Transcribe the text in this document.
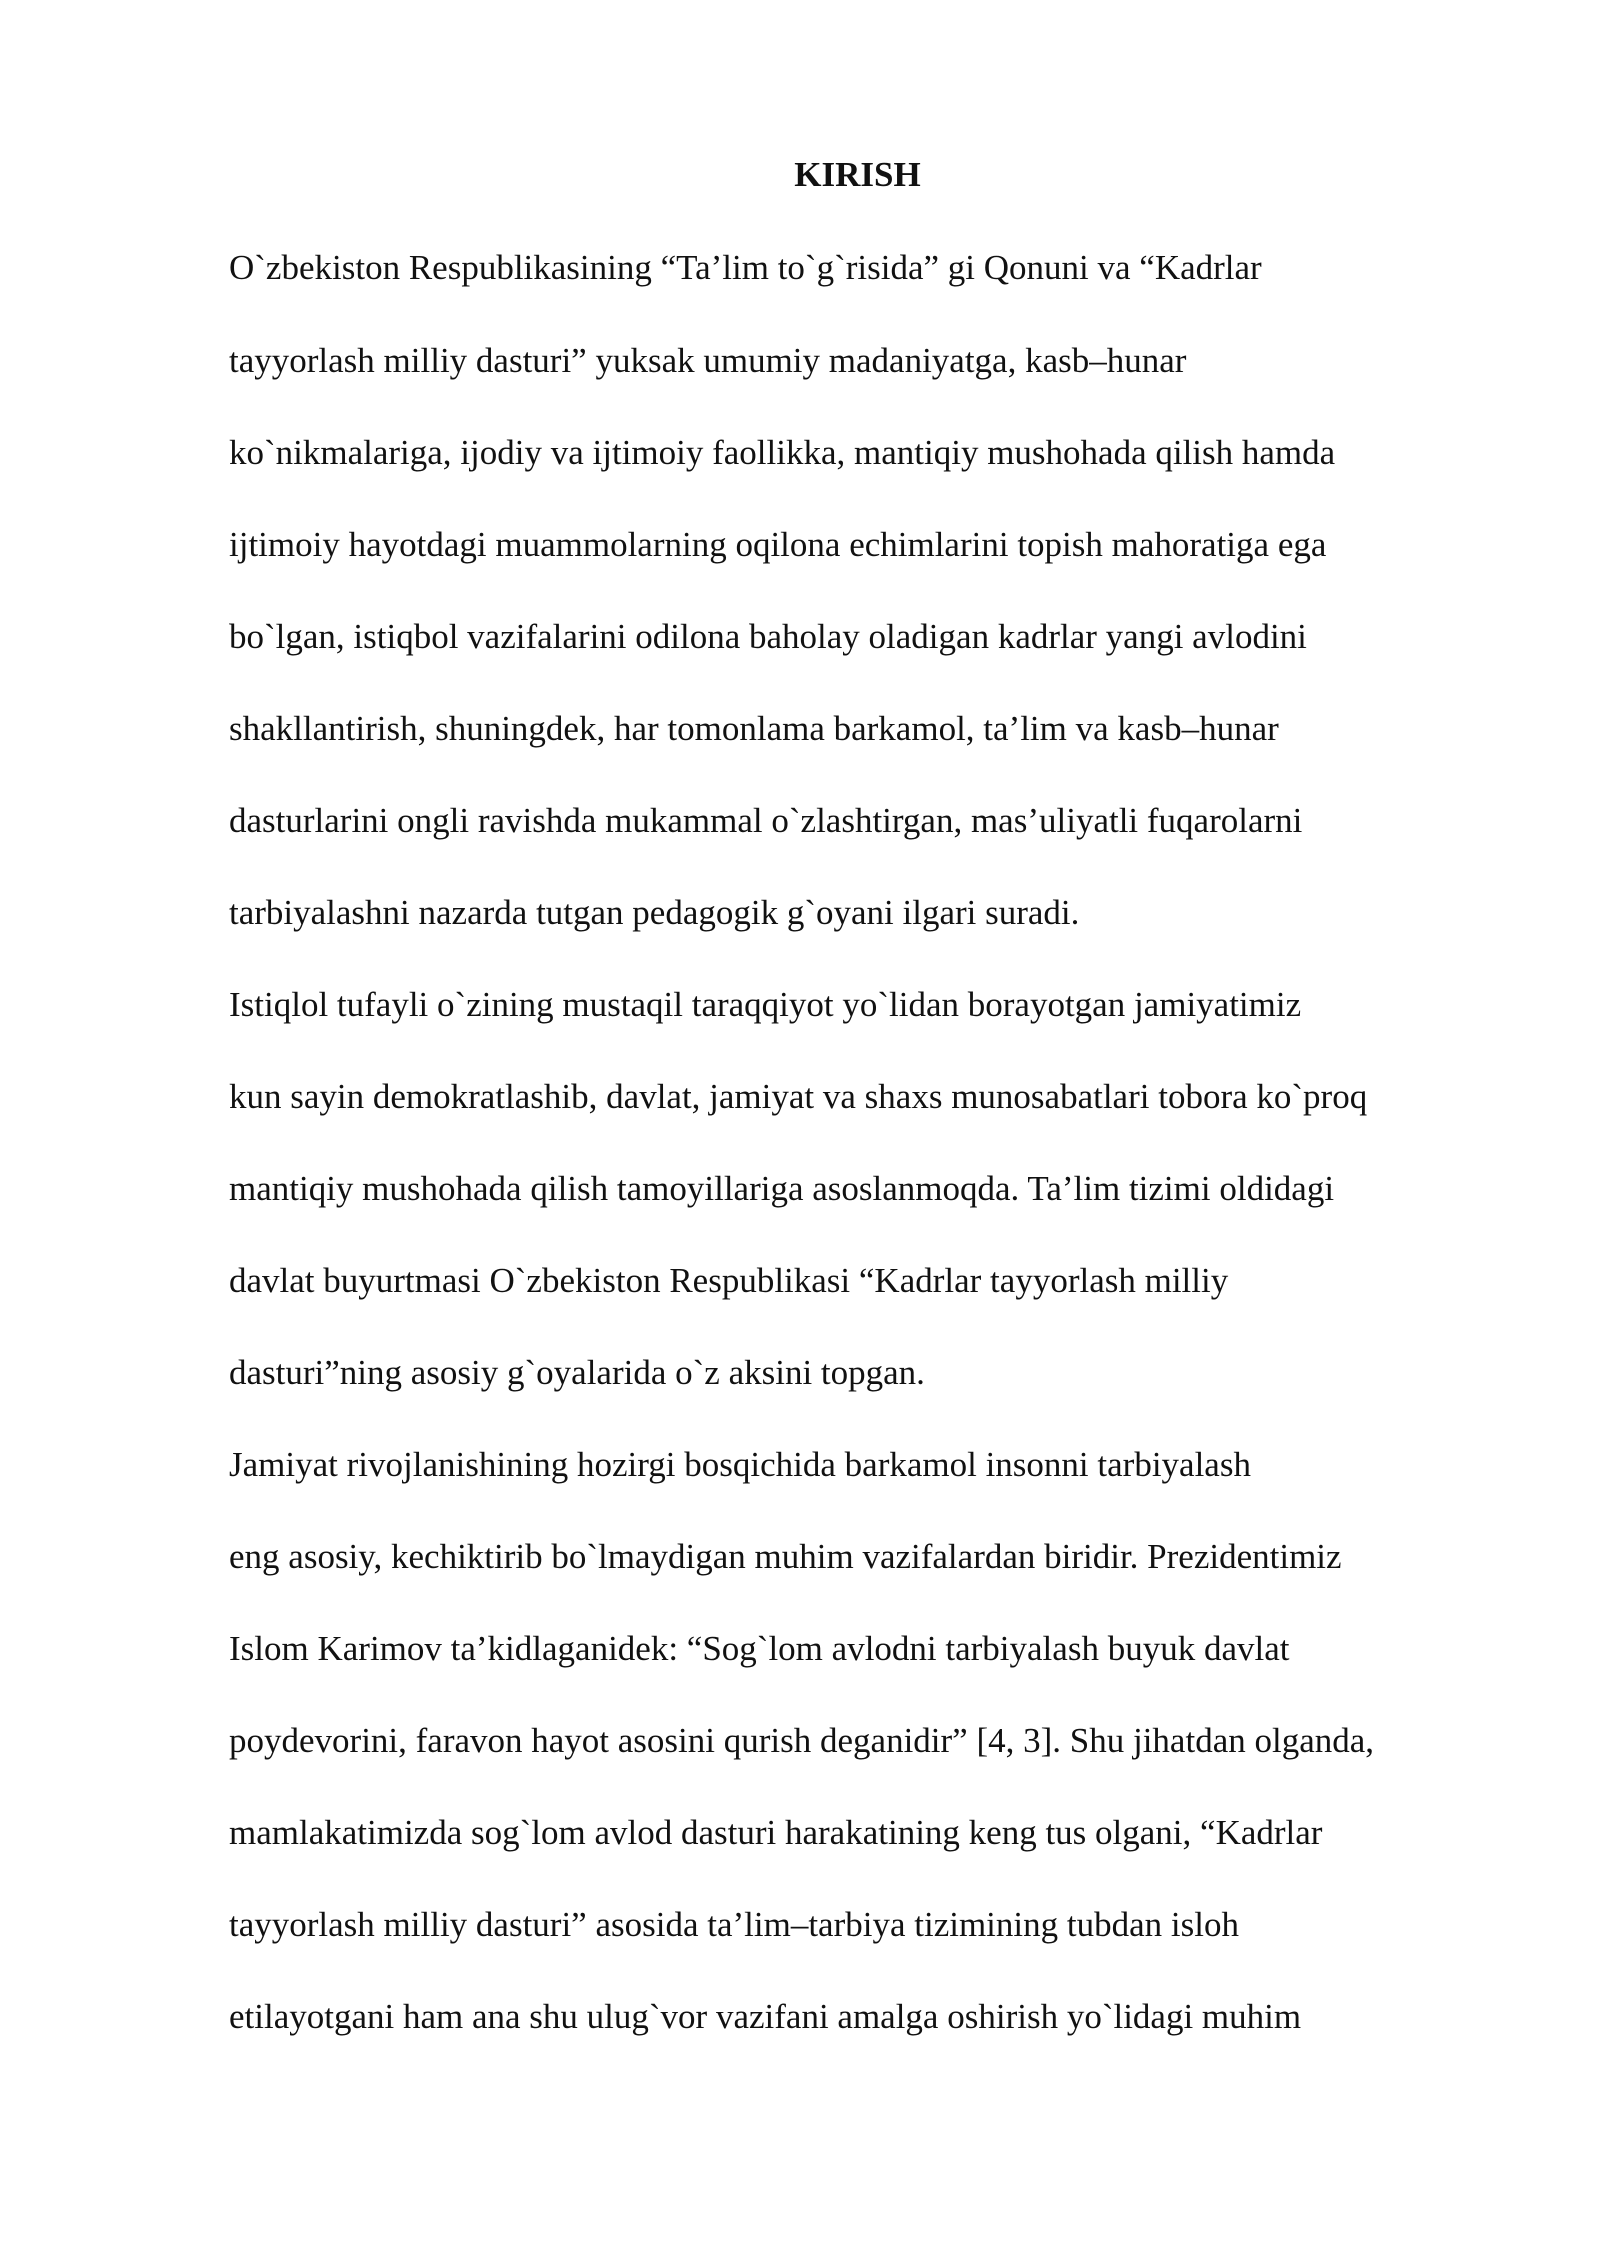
KIRISH

O`zbekiston Respublikasining “Ta’lim to`g`risida” gi Qonuni va “Kadrlar

tayyorlash milliy dasturi” yuksak umumiy madaniyatga, kasb–hunar

ko`nikmalariga, ijodiy va ijtimoiy faollikka, mantiqiy mushohada qilish hamda

ijtimoiy hayotdagi muammolarning oqilona echimlarini topish mahoratiga ega

bo`lgan, istiqbol vazifalarini odilona baholay oladigan kadrlar yangi avlodini

shakllantirish, shuningdek, har tomonlama barkamol, ta’lim va kasb–hunar

dasturlarini ongli ravishda mukammal o`zlashtirgan, mas’uliyatli fuqarolarni

tarbiyalashni nazarda tutgan pedagogik g`oyani ilgari suradi.

Istiqlol tufayli o`zining mustaqil taraqqiyot yo`lidan borayotgan jamiyatimiz

kun sayin demokratlashib, davlat, jamiyat va shaxs munosabatlari tobora ko`proq

mantiqiy mushohada qilish tamoyillariga asoslanmoqda. Ta’lim tizimi oldidagi

davlat buyurtmasi O`zbekiston Respublikasi “Kadrlar tayyorlash milliy

dasturi”ning asosiy g`oyalarida o`z aksini topgan.

Jamiyat rivojlanishining hozirgi bosqichida barkamol insonni tarbiyalash

eng asosiy, kechiktirib bo`lmaydigan muhim vazifalardan biridir. Prezidentimiz

Islom Karimov ta’kidlaganidek: “Sog`lom avlodni tarbiyalash buyuk davlat

poydevorini, faravon hayot asosini qurish deganidir” [4, 3]. Shu jihatdan olganda,

mamlakatimizda sog`lom avlod dasturi harakatining keng tus olgani, “Kadrlar

tayyorlash milliy dasturi” asosida ta’lim–tarbiya tizimining tubdan isloh

etilayotgani ham ana shu ulug`vor vazifani amalga oshirish yo`lidagi muhim
